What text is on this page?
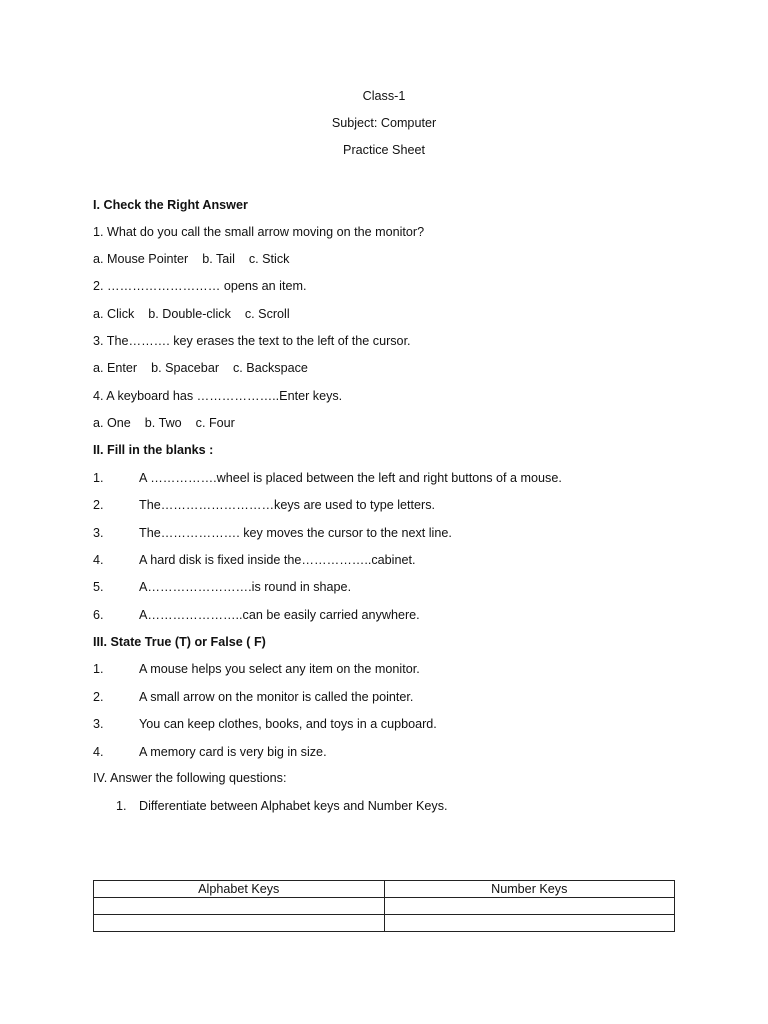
Class-1
Subject: Computer
Practice Sheet
I. Check the Right Answer
1. What do you call the small arrow moving on the monitor?
a. Mouse Pointer    b. Tail    c. Stick
2. ……………………… opens an item.
a. Click    b. Double-click    c. Scroll
3. The………. key erases the text to the left of the cursor.
a. Enter    b. Spacebar    c. Backspace
4. A keyboard has ………………..Enter keys.
a. One    b. Two    c. Four
II. Fill in the blanks :
1.	A …………….wheel is placed between the left and right buttons of a mouse.
2.	The………………………keys are used to type letters.
3.	The………………. key moves the cursor to the next line.
4.	A hard disk is fixed inside the……………..cabinet.
5.	A…………………….is round in shape.
6.	A…………………..can be easily carried anywhere.
III. State True (T) or False ( F)
1.	A mouse helps you select any item on the monitor.
2.	A small arrow on the monitor is called the pointer.
3.	You can keep clothes, books, and toys in a cupboard.
4.	A memory card is very big in size.
IV. Answer the following questions:
1. Differentiate between Alphabet keys and Number Keys.
Alphabet Keys	Number Keys
